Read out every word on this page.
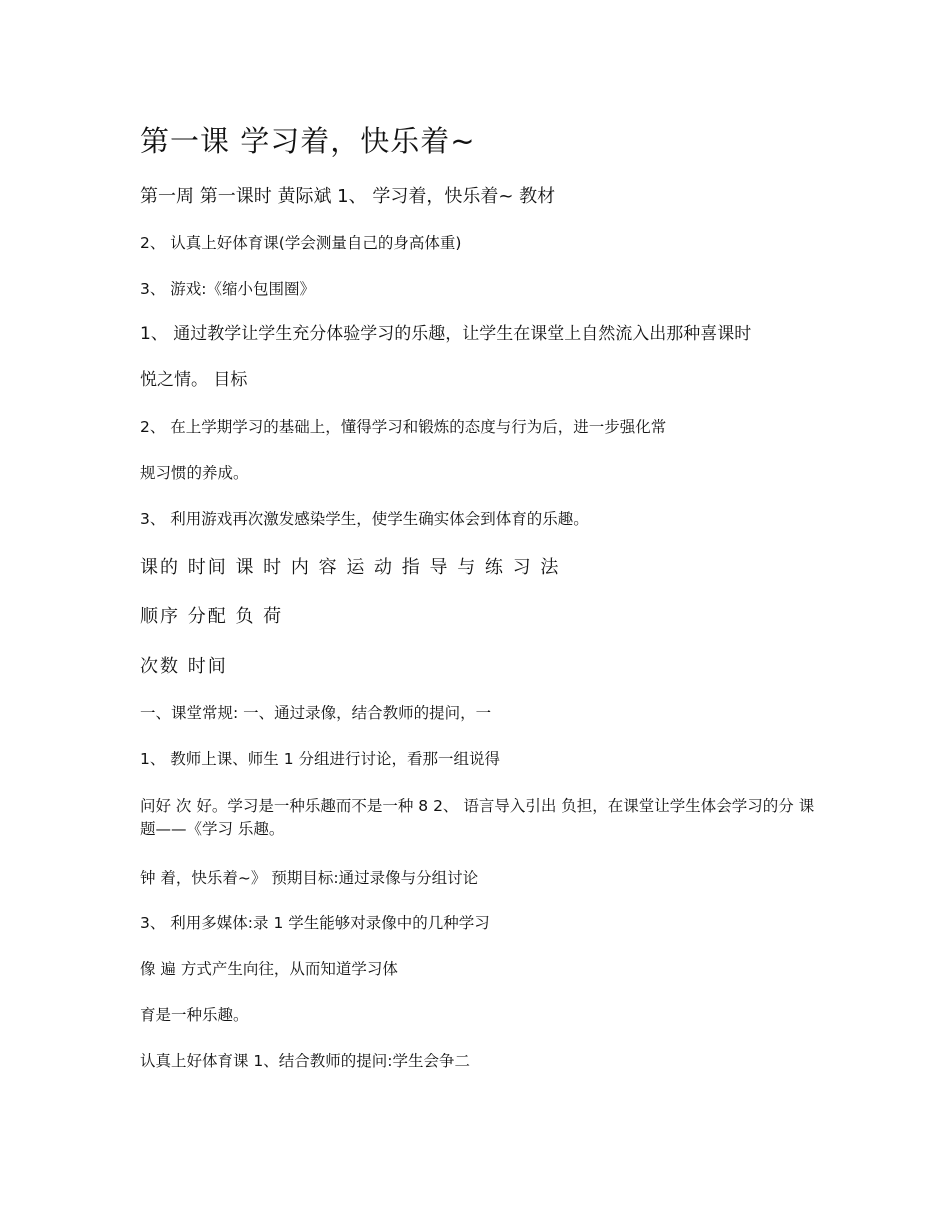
第一课 学习着，快乐着~
第一周 第一课时 黄际斌 1、 学习着，快乐着~ 教材
2、 认真上好体育课(学会测量自己的身高体重)
3、 游戏:《缩小包围圈》
1、 通过教学让学生充分体验学习的乐趣，让学生在课堂上自然流入出那种喜课时
悦之情。 目标
2、 在上学期学习的基础上，懂得学习和锻炼的态度与行为后，进一步强化常
规习惯的养成。
3、 利用游戏再次激发感染学生，使学生确实体会到体育的乐趣。
课的 时间 课 时 内 容 运 动 指 导 与 练 习 法
顺序 分配 负 荷
次数 时间
一、课堂常规: 一、通过录像，结合教师的提问，一
1、 教师上课、师生 1 分组进行讨论，看那一组说得
问好 次 好。学习是一种乐趣而不是一种 8 2、 语言导入引出 负担，在课堂让学生体会学习的分 课题——《学习 乐趣。
钟 着，快乐着~》 预期目标:通过录像与分组讨论
3、 利用多媒体:录 1 学生能够对录像中的几种学习
像 遍 方式产生向往，从而知道学习体
育是一种乐趣。
认真上好体育课 1、结合教师的提问:学生会争二
